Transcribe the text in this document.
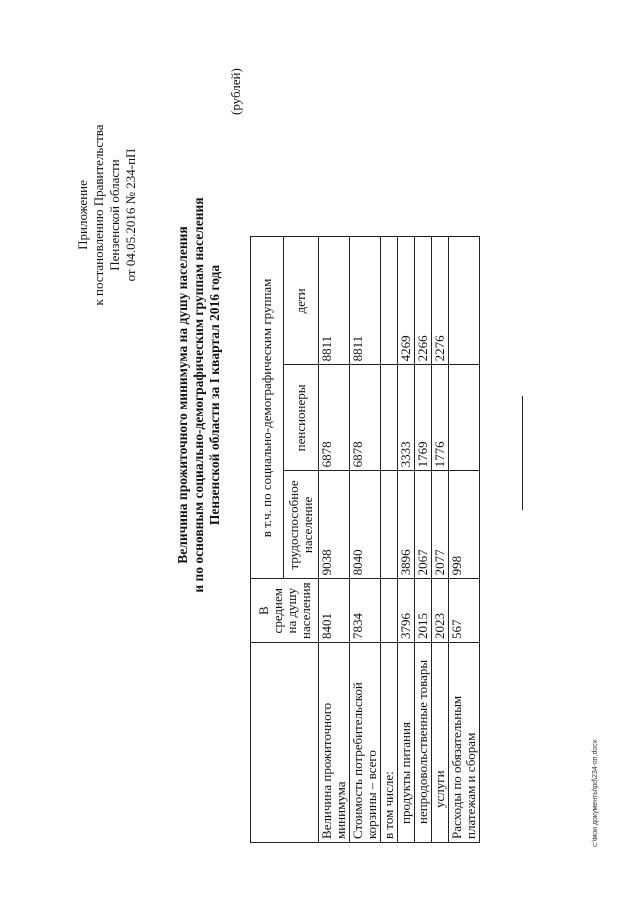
Приложение к постановлению Правительства Пензенской области от 04.05.2016 № 234-пП
Величина прожиточного минимума на душу населения и по основным социально-демографическим группам населения Пензенской области за I квартал 2016 года
(рублей)
	В среднем на душу населения	в т.ч. по социально-демографическим группам		
		трудоспособное население	пенсионеры	дети
Величина прожиточного минимума	8401	9038	6878	8811
Стоимость потребительской корзины – всего	7834	8040	6878	8811
в том числе:				
продукты питания	3796	3896	3333	4269
непродовольственные товары	2015	2067	1769	2266
услуги	2023	2077	1776	2276
Расходы по обязательным платежам и сборам	567	998		
c:\мои документы\pd\234-пп.docx
